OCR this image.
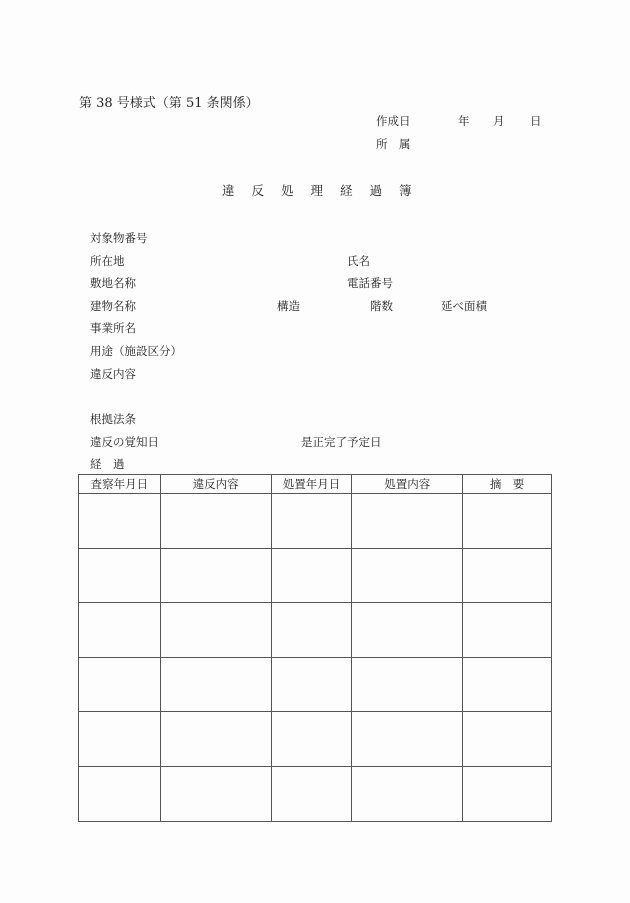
第 38 号様式（第 51 条関係）
作成日	年 月 日
所　属
違反処理経過簿
対象物番号
所在地	氏名
敷地名称	電話番号
建物名称	構造	階数	延べ面積
事業所名
用途（施設区分）
違反内容
根拠法条
違反の覚知日	是正完了予定日
経　過
査察年月日	違反内容	処置年月日	処置内容	摘　要
